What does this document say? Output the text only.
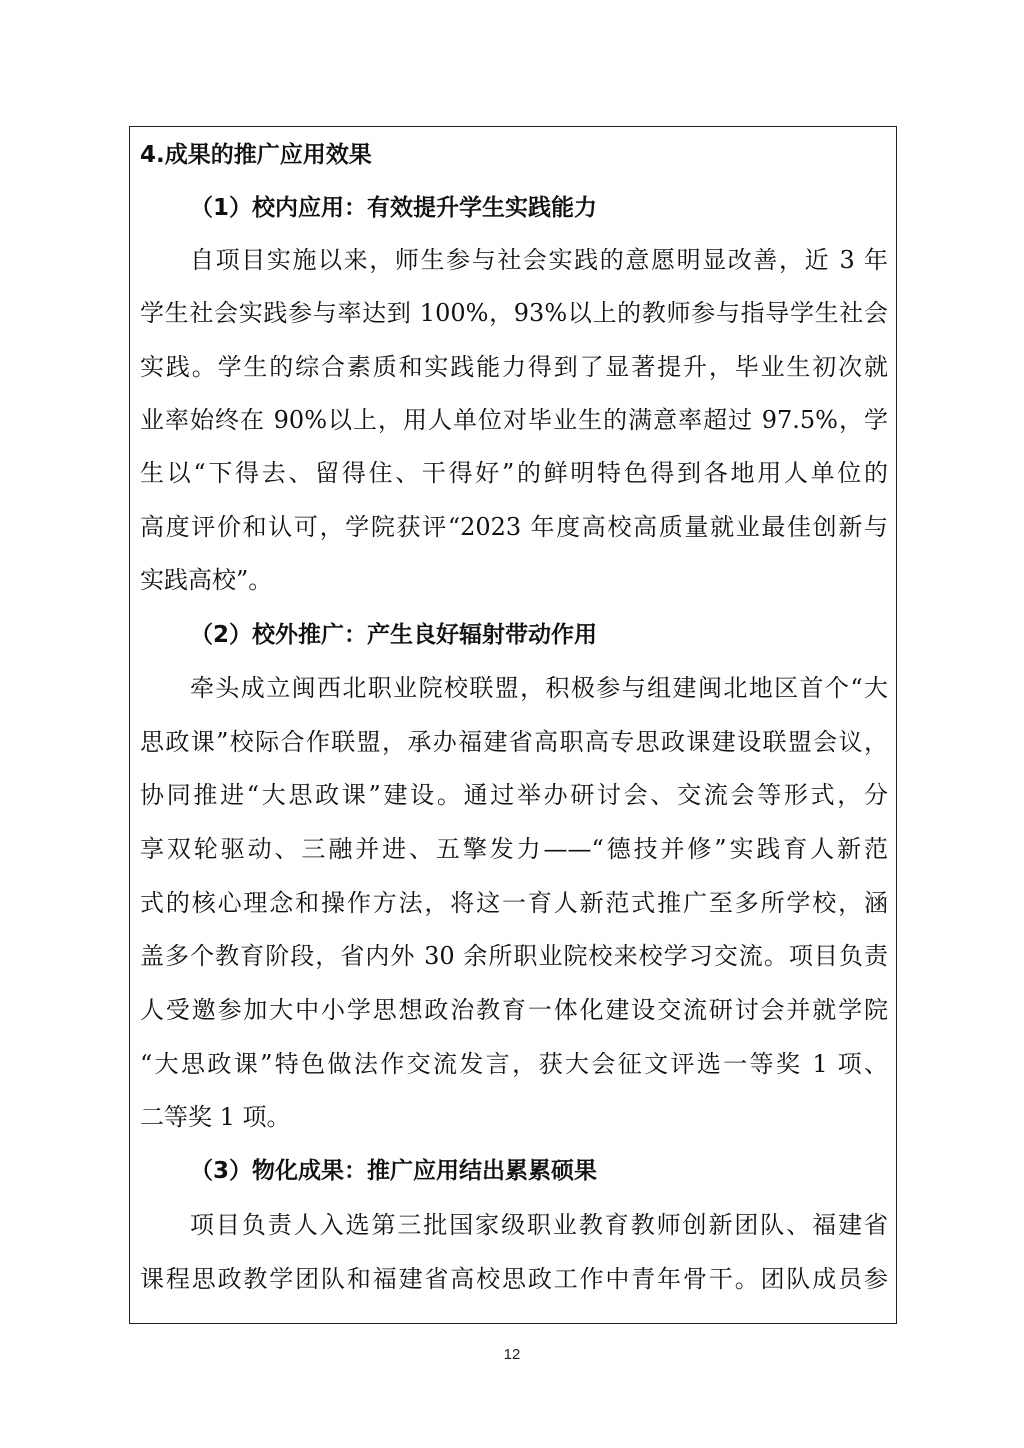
4.成果的推广应用效果
（1）校内应用：有效提升学生实践能力
自项目实施以来，师生参与社会实践的意愿明显改善，近 3 年
学生社会实践参与率达到 100%，93%以上的教师参与指导学生社会
实践。学生的综合素质和实践能力得到了显著提升，毕业生初次就
业率始终在 90%以上，用人单位对毕业生的满意率超过 97.5%，学
生以“下得去、留得住、干得好”的鲜明特色得到各地用人单位的
高度评价和认可，学院获评“2023 年度高校高质量就业最佳创新与
实践高校”。
（2）校外推广：产生良好辐射带动作用
牵头成立闽西北职业院校联盟，积极参与组建闽北地区首个“大
思政课”校际合作联盟，承办福建省高职高专思政课建设联盟会议，
协同推进“大思政课”建设。通过举办研讨会、交流会等形式，分
享双轮驱动、三融并进、五擎发力——“德技并修”实践育人新范
式的核心理念和操作方法，将这一育人新范式推广至多所学校，涵
盖多个教育阶段，省内外 30 余所职业院校来校学习交流。项目负责
人受邀参加大中小学思想政治教育一体化建设交流研讨会并就学院
“大思政课”特色做法作交流发言，获大会征文评选一等奖 1 项、
二等奖 1 项。
（3）物化成果：推广应用结出累累硕果
项目负责人入选第三批国家级职业教育教师创新团队、福建省
课程思政教学团队和福建省高校思政工作中青年骨干。团队成员参
12
